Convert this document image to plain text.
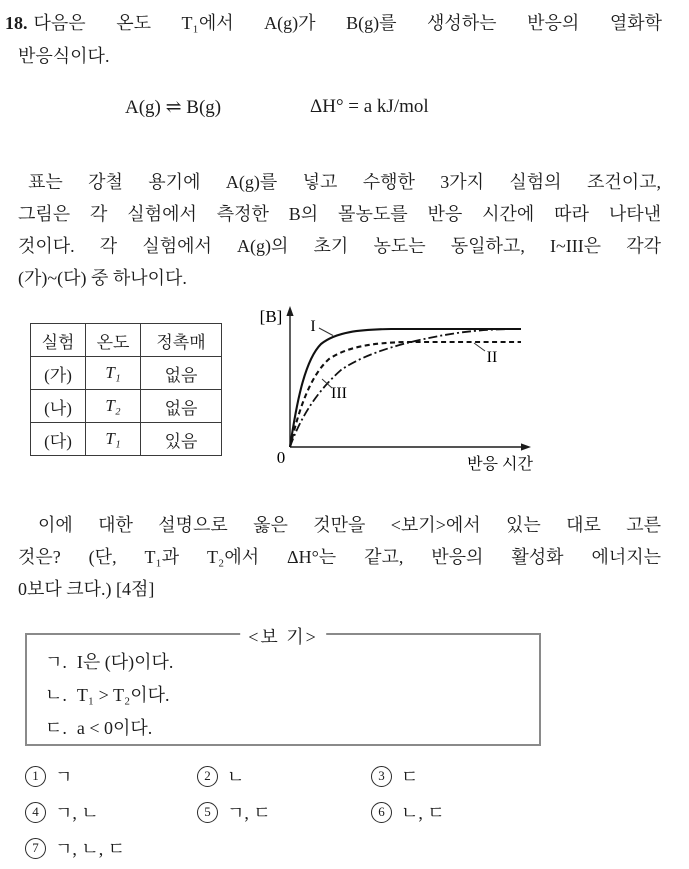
18. 다음은 온도 T₁에서 A(g)가 B(g)를 생성하는 반응의 열화학
반응식이다.
A(g) ⇌ B(g)	ΔH° = a kJ/mol
표는 강철 용기에 A(g)를 넣고 수행한 3가지 실험의 조건이고,
그림은 각 실험에서 측정한 B의 몰농도를 반응 시간에 따라 나타낸
것이다. 각 실험에서 A(g)의 초기 농도는 동일하고, I~III은 각각
(가)~(다) 중 하나이다.
실험	온도	정촉매
(가)	T₁	없음
(나)	T₂	없음
(다)	T₁	있음
[B]
0	반응 시간
I
II
III
이에 대한 설명으로 옳은 것만을 <보기>에서 있는 대로 고른
것은? (단, T₁과 T₂에서 ΔH°는 같고, 반응의 활성화 에너지는
0보다 크다.) [4점]
<보 기>
ㄱ. I은 (다)이다.
ㄴ. T₁ > T₂이다.
ㄷ. a < 0이다.
1 ㄱ	2 ㄴ	3 ㄷ
4 ㄱ, ㄴ	5 ㄱ, ㄷ	6 ㄴ, ㄷ
7 ㄱ, ㄴ, ㄷ
